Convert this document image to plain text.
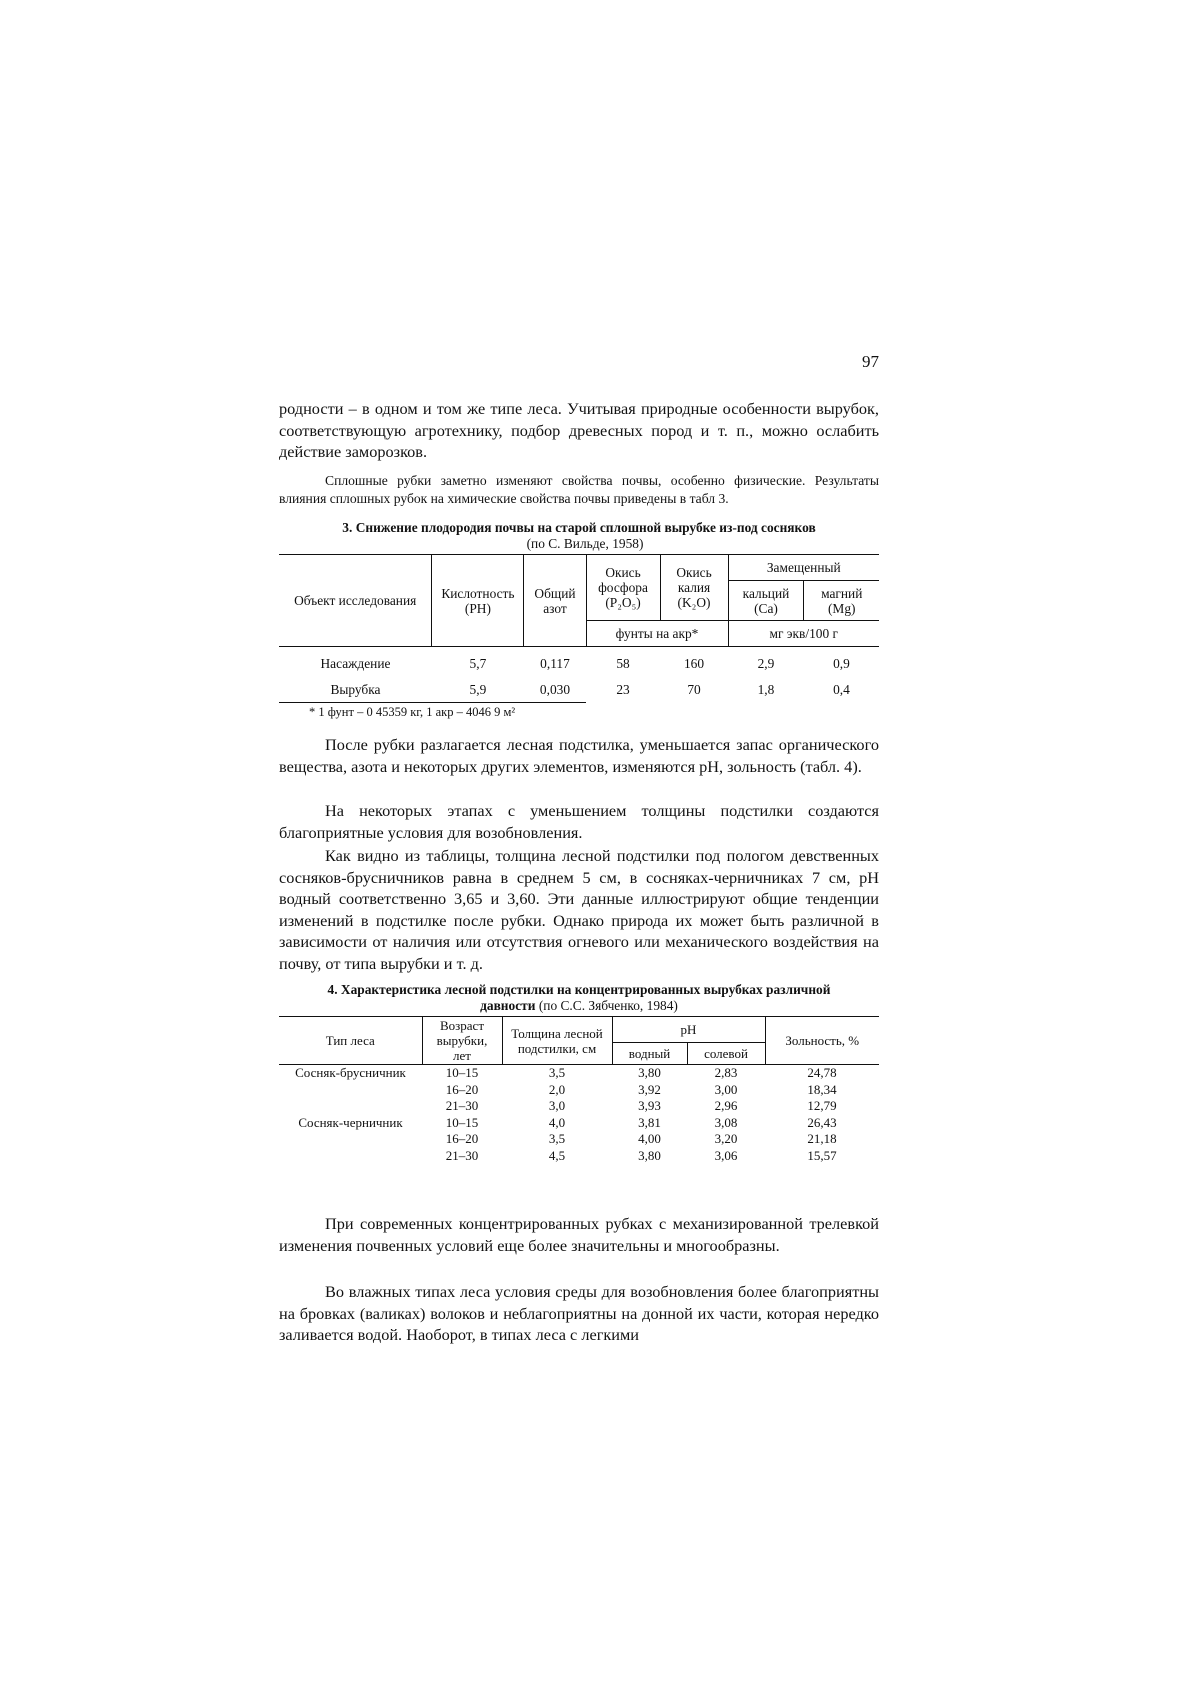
97

родности – в одном и том же типе леса. Учитывая природные особенности вырубок, соответствующую агротехнику, подбор древесных пород и т. п., можно ослабить действие заморозков.

Сплошные рубки заметно изменяют свойства почвы, особенно физические. Результаты влияния сплошных рубок на химические свойства почвы приведены в табл 3.

3. Снижение плодородия почвы на старой сплошной вырубке из-под сосняков

(по С. Вильде, 1958)

Объект исследования	Кислотность (PH)	Общий азот	Окись фосфора (P₂O₅)	Окись калия (K₂O)	Замещенный	
					кальций (Ca)	магний (Mg)
			фунты на акр*		мг экв/100 г	

Насаждение	5,7	0,117	58	160	2,9	0,9
Вырубка	5,9	0,030	23	70	1,8	0,4

* 1 фунт – 0 45359 кг, 1 акр – 4046 9 м²

После рубки разлагается лесная подстилка, уменьшается запас органического вещества, азота и некоторых других элементов, изменяются pH, зольность (табл. 4).

На некоторых этапах с уменьшением толщины подстилки создаются благоприятные условия для возобновления.

Как видно из таблицы, толщина лесной подстилки под пологом девственных сосняков-брусничников равна в среднем 5 см, в сосняках-черничниках 7 см, pH водный соответственно 3,65 и 3,60. Эти данные иллюстрируют общие тенденции изменений в подстилке после рубки. Однако природа их может быть различной в зависимости от наличия или отсутствия огневого или механического воздействия на почву, от типа вырубки и т. д.

4. Характеристика лесной подстилки на концентрированных вырубках различной

давности (по С.С. Зябченко, 1984)

Тип леса	Возраст вырубки, лет	Толщина лесной подстилки, см	pH		Зольность, %
			водный	солевой	
Сосняк-брусничник	10–15	3,5	3,80	2,83	24,78
	16–20	2,0	3,92	3,00	18,34
	21–30	3,0	3,93	2,96	12,79
Сосняк-черничник	10–15	4,0	3,81	3,08	26,43
	16–20	3,5	4,00	3,20	21,18
	21–30	4,5	3,80	3,06	15,57

При современных концентрированных рубках с механизированной трелевкой изменения почвенных условий еще более значительны и многообразны.

Во влажных типах леса условия среды для возобновления более благоприятны на бровках (валиках) волоков и неблагоприятны на донной их части, которая нередко заливается водой. Наоборот, в типах леса с легкими
